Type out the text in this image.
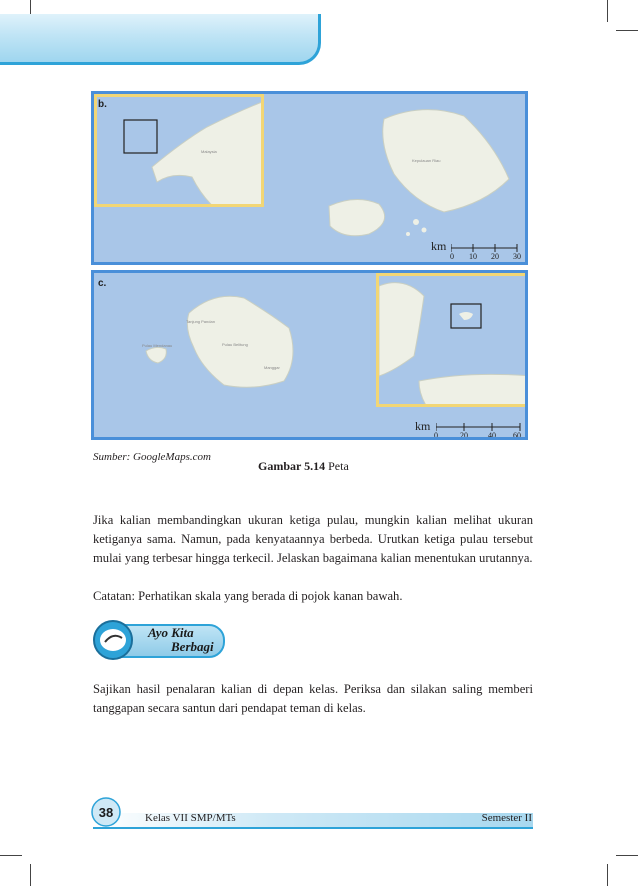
Kepulauan Riau
Malaysia
b.
km
0 10 20 30
Tanjung Pandan
Pulau Belitung
Manggar
Pulau Mendanau
c.
km
0	20	40 60
Sumber: GoogleMaps.com
Gambar 5.14 Peta
Jika kalian membandingkan ukuran ketiga pulau, mungkin kalian melihat ukuran ketiganya sama. Namun, pada kenyataannya berbeda. Urutkan ketiga pulau tersebut mulai yang terbesar hingga terkecil. Jelaskan bagaimana kalian menentukan urutannya.
Catatan: Perhatikan skala yang berada di pojok kanan bawah.
Ayo Kita
Berbagi
Sajikan hasil penalaran kalian di depan kelas. Periksa dan silakan saling memberi tanggapan secara santun dari pendapat teman di kelas.
38	Kelas VII SMP/MTs	Semester II
